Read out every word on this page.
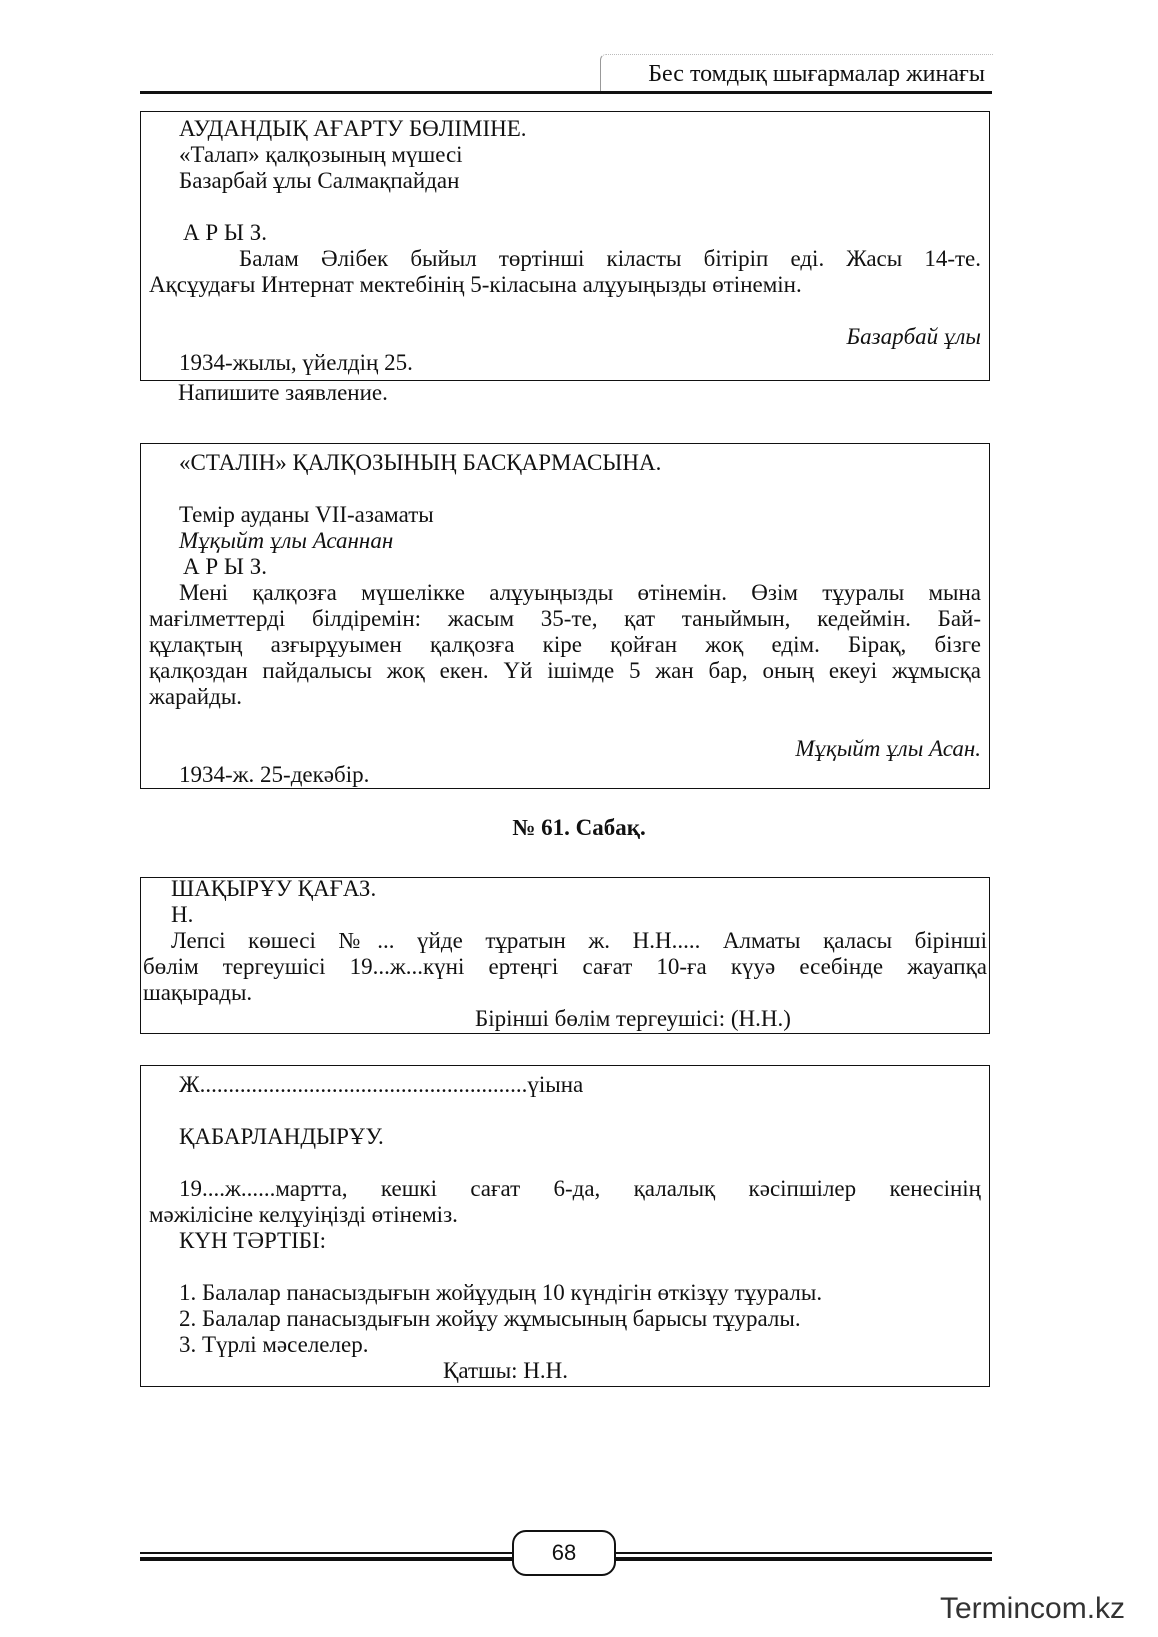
Бес томдық шығармалар жинағы
АУДАНДЫҚ АҒАРТУ БӨЛІМІНЕ.
«Талап» қалқозының мүшесі
Базарбай ұлы Салмақпайдан
А Р Ы З.
Балам Әлібек быйыл төртінші кіласты бітіріп еді. Жасы 14-те.
Ақсұудағы Интернат мектебінің 5-кіласына алұуыңызды өтінемін.
Базарбай ұлы
1934-жылы, үйелдің 25.
Напишите заявление.
«СТАЛІН» ҚАЛҚОЗЫНЫҢ БАСҚАРМАСЫНА.
Темір ауданы VII-азаматы
Мұқыйт ұлы Асаннан
А Р Ы З.
Мені қалқозға мүшелікке алұуыңызды өтінемін. Өзім тұуралы мына
мағілметтерді білдіремін: жасым 35-те, қат таныймын, кедеймін. Бай-
құлақтың азғырұуымен қалқозға кіре қойған жоқ едім. Бірақ, бізге
қалқоздан пайдалысы жоқ екен. Үй ішімде 5 жан бар, оның екеуі жұмысқа
жарайды.
Мұқыйт ұлы Асан.
1934-ж. 25-декәбір.
№ 61. Сабақ.
ШАҚЫРҰУ ҚАҒАЗ.
Н.
Лепсі көшесі №... үйде тұратын ж. Н.Н..... Алматы қаласы бірінші
бөлім тергеушісі 19...ж...күні ертеңгі сағат 10-ға күуә есебінде жауапқа
шақырады.
Бірінші бөлім тергеушісі: (Н.Н.)
Ж.........................................................үіына
ҚАБАРЛАНДЫРҰУ.
19....ж......мартта, кешкі сағат 6-да, қалалық кәсіпшілер кенесінің
мәжілісіне келұуіңізді өтінеміз.
КҮН ТӘРТІБІ:
1. Балалар панасыздығын жойұудың 10 күндігін өткізұу тұуралы.
2. Балалар панасыздығын жойұу жұмысының барысы тұуралы.
3. Түрлі мәселелер.
Қатшы: Н.Н.
68
Termincom.kz
